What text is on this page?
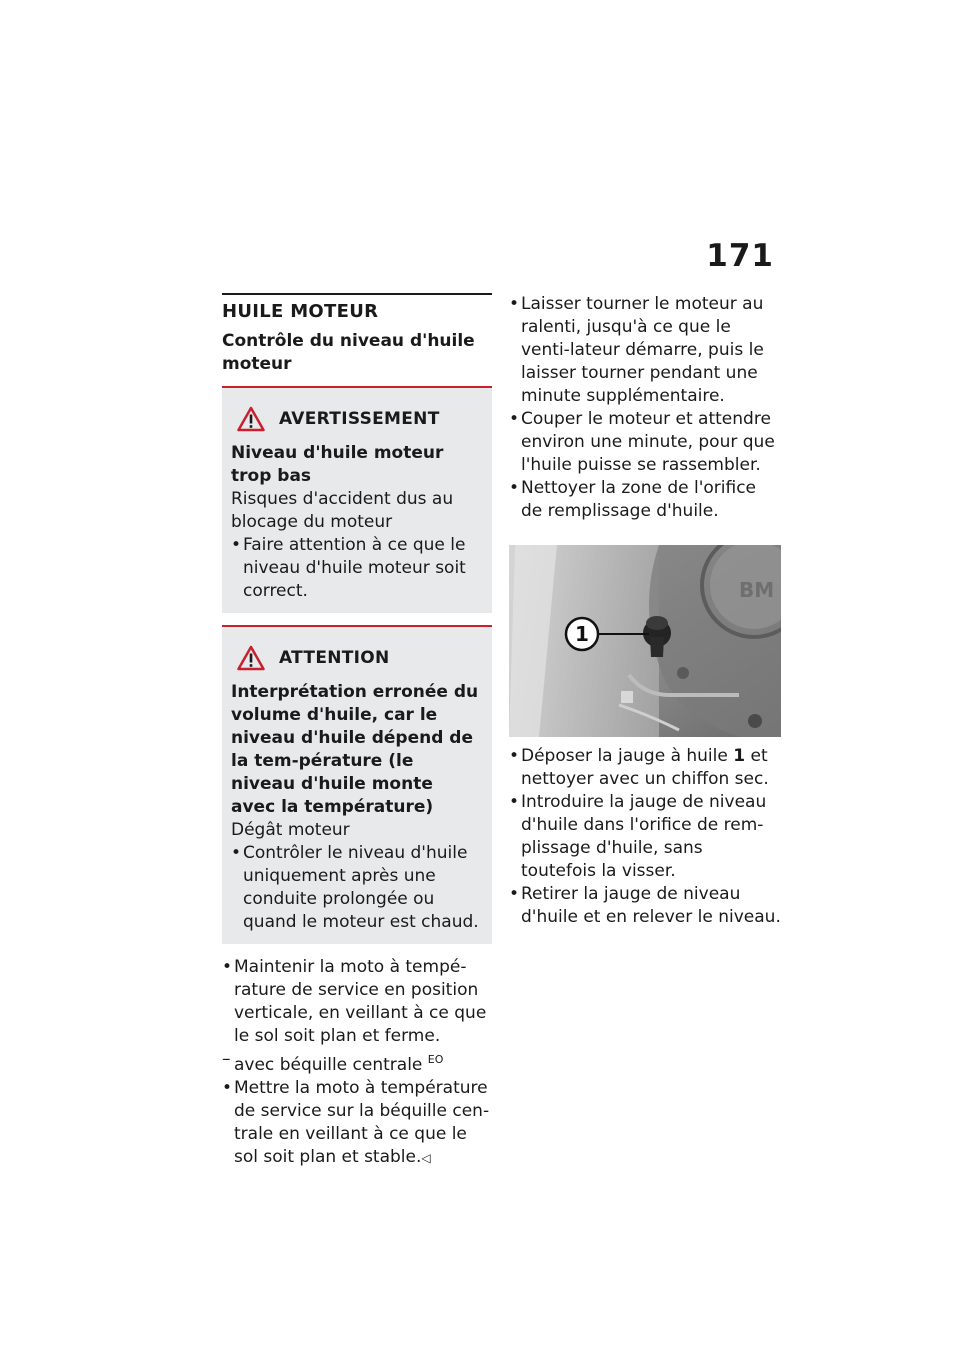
171
HUILE MOTEUR
Contrôle du niveau d'huile moteur
AVERTISSEMENT
Niveau d'huile moteur trop bas
Risques d'accident dus au blocage du moteur
• Faire attention à ce que le niveau d'huile moteur soit correct.
ATTENTION
Interprétation erronée du volume d'huile, car le niveau d'huile dépend de la tem-pérature (le niveau d'huile monte avec la température)
Dégât moteur
• Contrôler le niveau d'huile uniquement après une conduite prolongée ou quand le moteur est chaud.
• Maintenir la moto à tempé-rature de service en position verticale, en veillant à ce que le sol soit plan et ferme.
– avec béquille centrale $^{EO}$
• Mettre la moto à température de service sur la béquille cen-trale en veillant à ce que le sol soit plan et stable.◁
• Laisser tourner le moteur au ralenti, jusqu'à ce que le venti-lateur démarre, puis le laisser tourner pendant une minute supplémentaire.
• Couper le moteur et attendre environ une minute, pour que l'huile puisse se rassembler.
• Nettoyer la zone de l'orifice de remplissage d'huile.
BM
1
• Déposer la jauge à huile 1 et nettoyer avec un chiffon sec.
• Introduire la jauge de niveau d'huile dans l'orifice de rem-plissage d'huile, sans toutefois la visser.
• Retirer la jauge de niveau d'huile et en relever le niveau.
